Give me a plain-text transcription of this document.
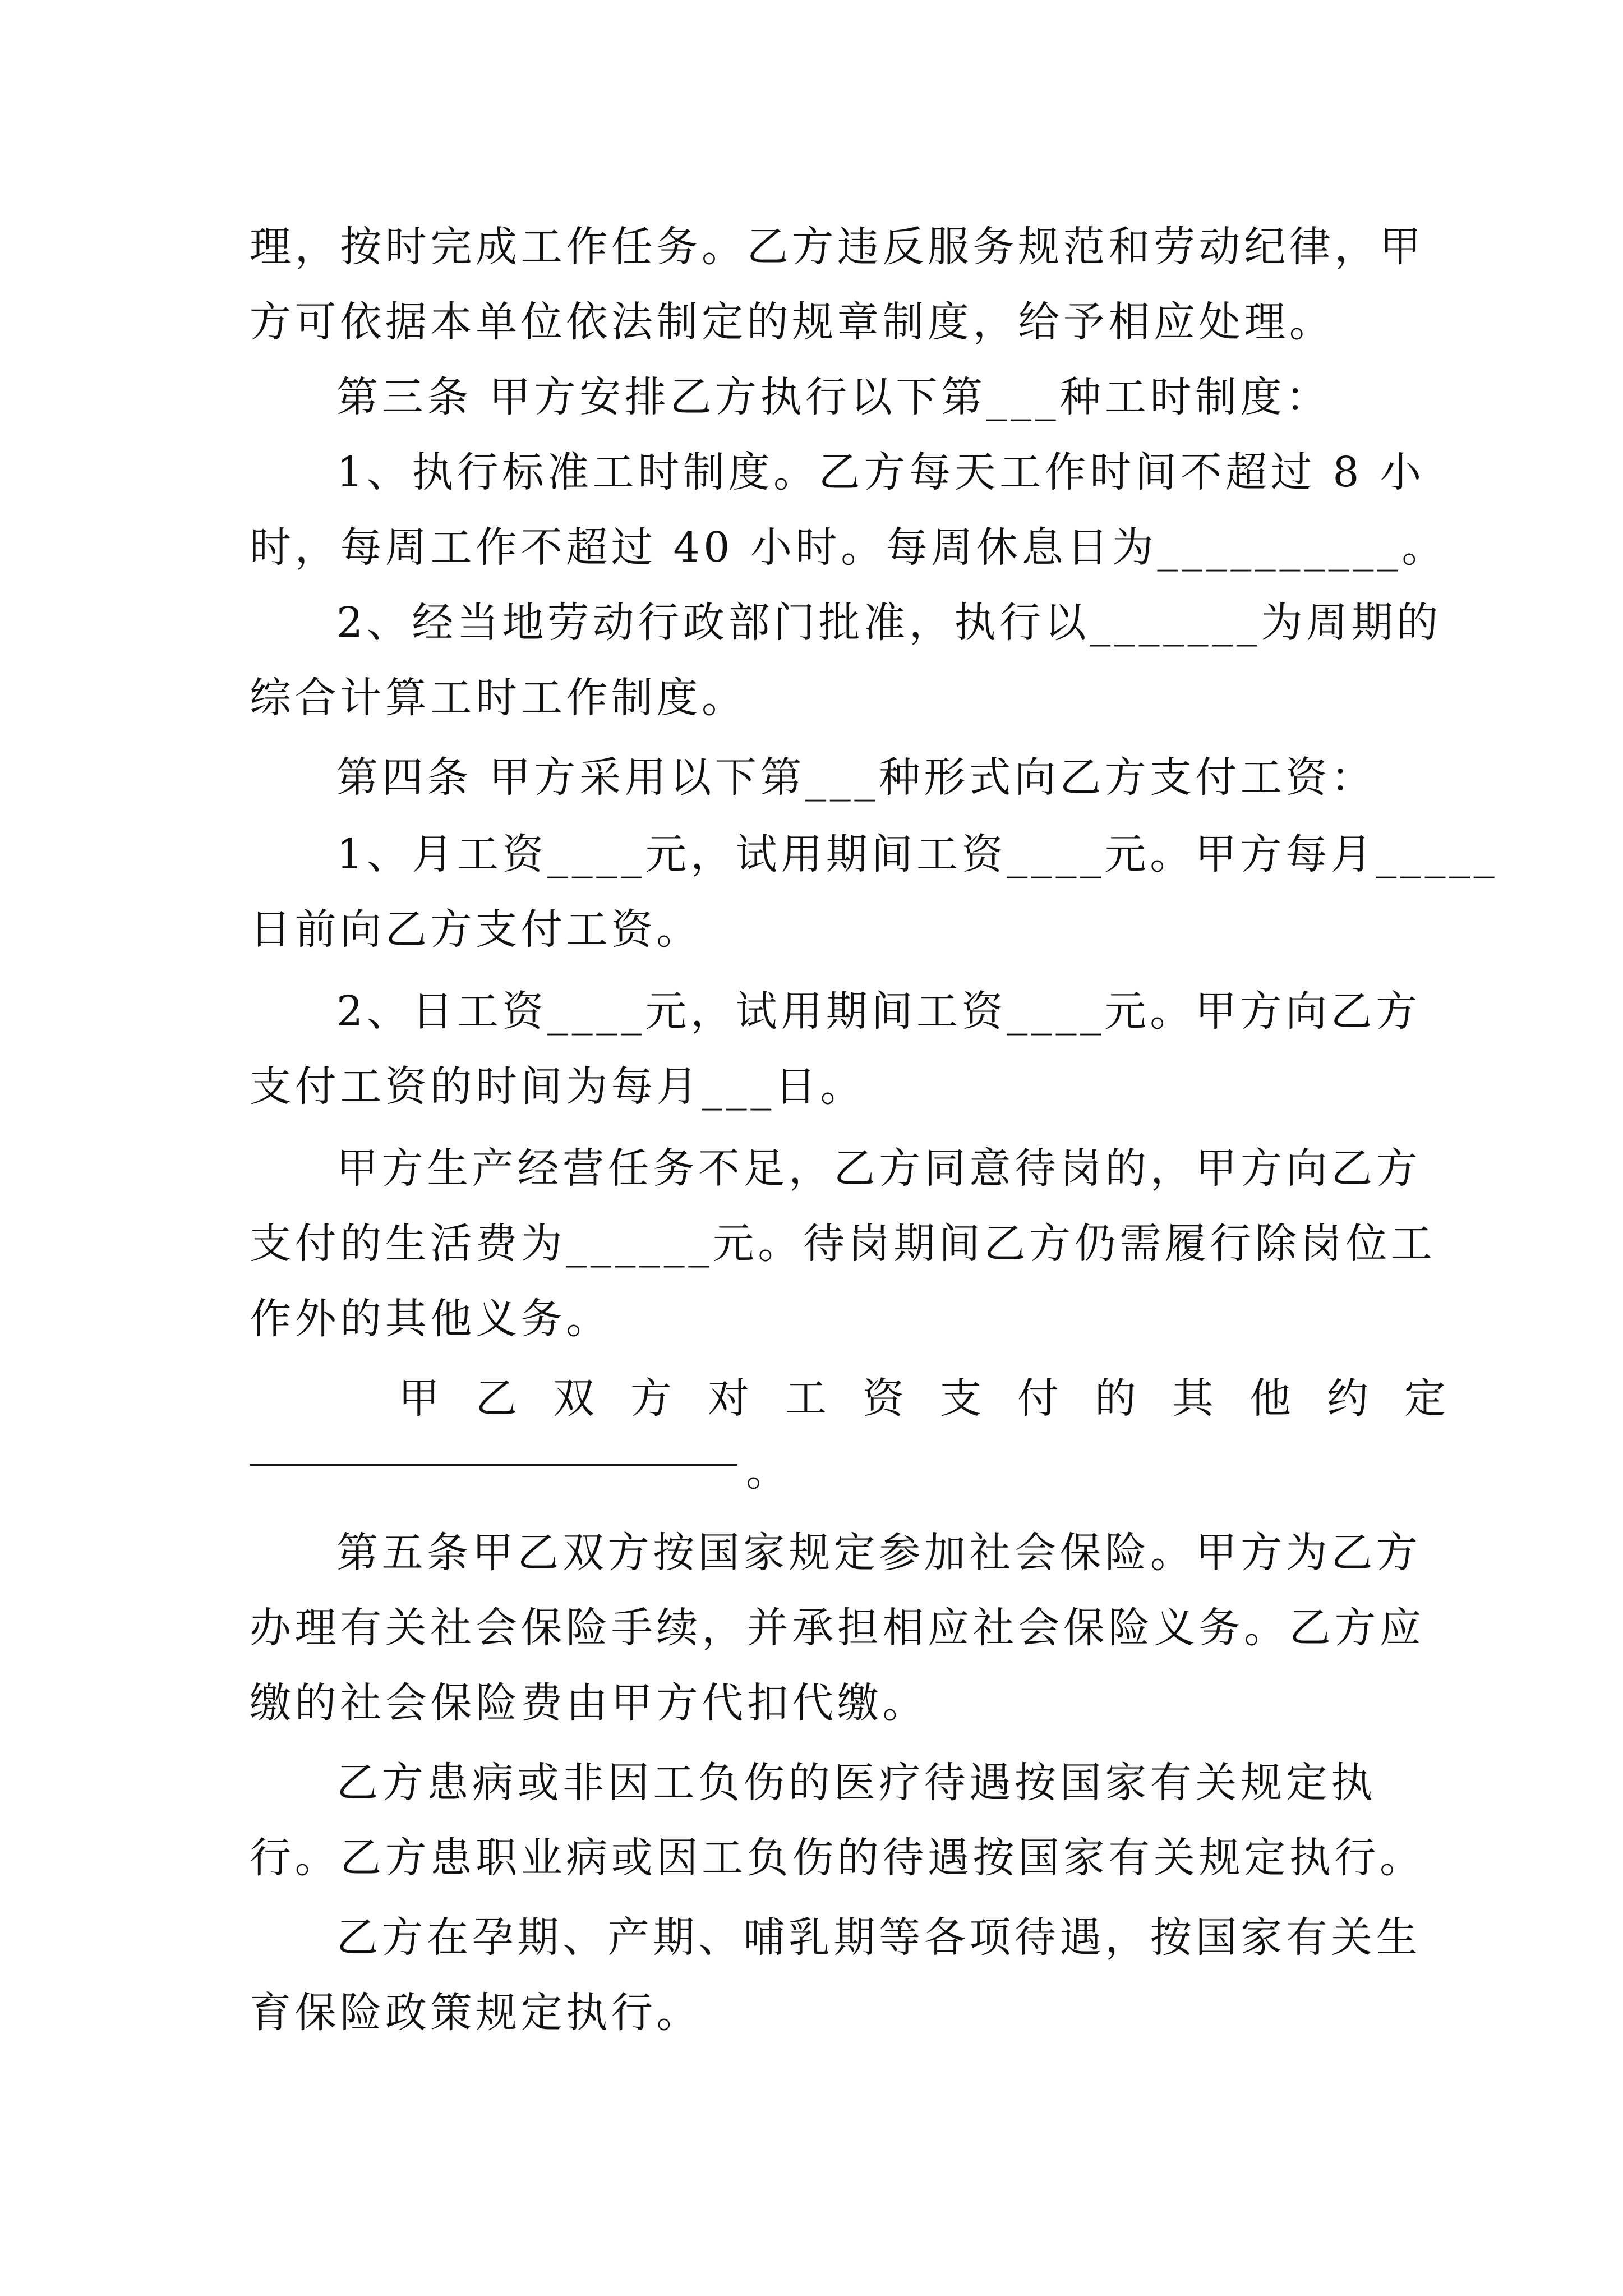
理，按时完成工作任务。乙方违反服务规范和劳动纪律，甲
方可依据本单位依法制定的规章制度，给予相应处理。
第三条 甲方安排乙方执行以下第___种工时制度：
1、执行标准工时制度。乙方每天工作时间不超过 8 小
时，每周工作不超过 40 小时。每周休息日为__________。
2、经当地劳动行政部门批准，执行以_______为周期的
综合计算工时工作制度。
第四条 甲方采用以下第___种形式向乙方支付工资：
1、月工资____元，试用期间工资____元。甲方每月_____
日前向乙方支付工资。
2、日工资____元，试用期间工资____元。甲方向乙方
支付工资的时间为每月___日。
甲方生产经营任务不足，乙方同意待岗的，甲方向乙方
支付的生活费为______元。待岗期间乙方仍需履行除岗位工
作外的其他义务。
甲乙双方对工资支付的其他约定
。
第五条甲乙双方按国家规定参加社会保险。甲方为乙方
办理有关社会保险手续，并承担相应社会保险义务。乙方应
缴的社会保险费由甲方代扣代缴。
乙方患病或非因工负伤的医疗待遇按国家有关规定执
行。乙方患职业病或因工负伤的待遇按国家有关规定执行。
乙方在孕期、产期、哺乳期等各项待遇，按国家有关生
育保险政策规定执行。
